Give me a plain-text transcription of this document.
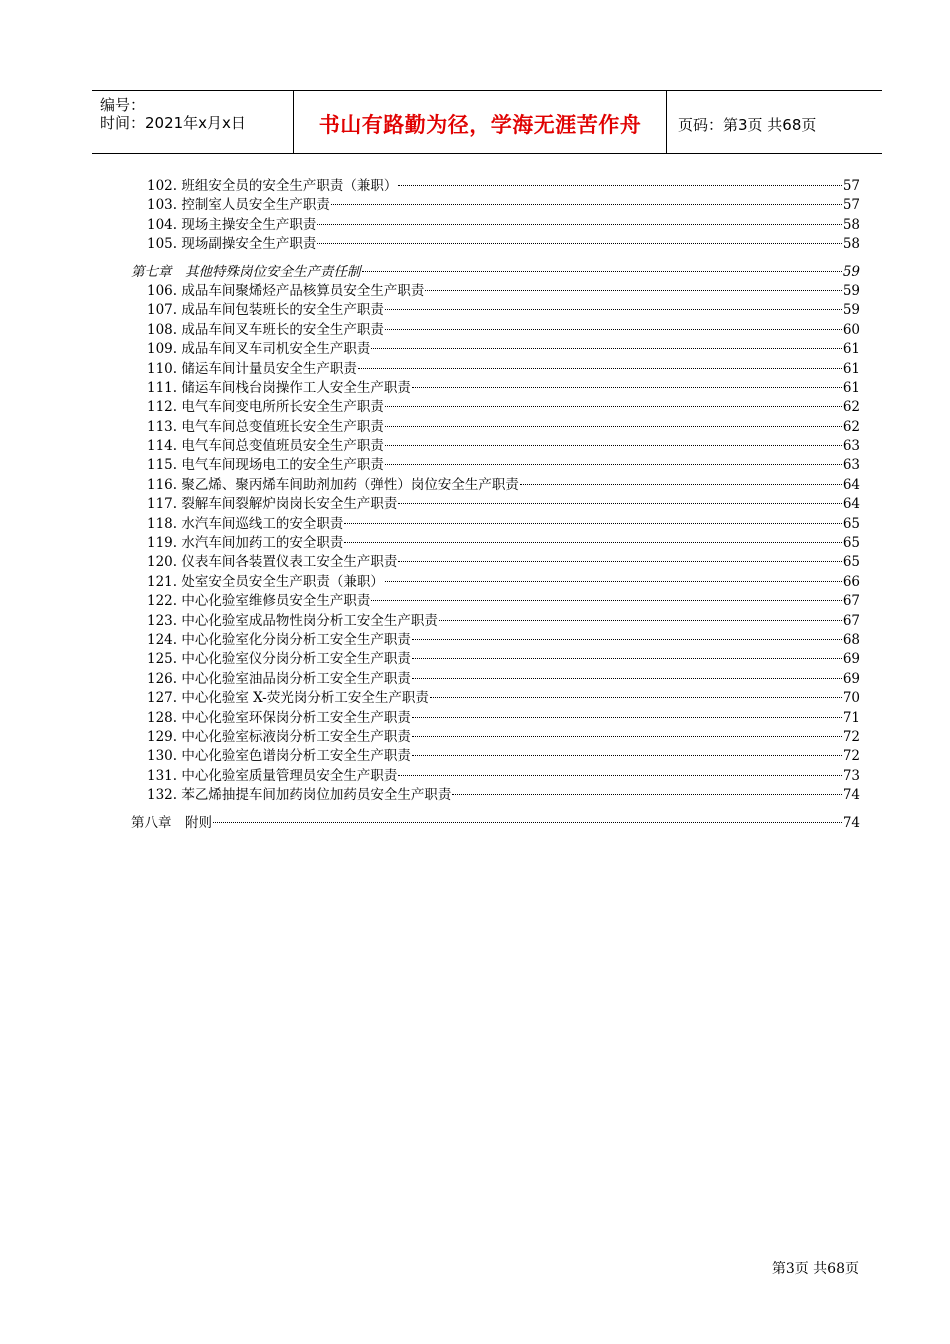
编号：
时间：2021年x月x日	书山有路勤为径，学海无涯苦作舟	页码：第3页 共68页
102. 班组安全员的安全生产职责（兼职）	57
103. 控制室人员安全生产职责	57
104. 现场主操安全生产职责	58
105. 现场副操安全生产职责	58
第七章　其他特殊岗位安全生产责任制	59
106. 成品车间聚烯烃产品核算员安全生产职责	59
107. 成品车间包装班长的安全生产职责	59
108. 成品车间叉车班长的安全生产职责	60
109. 成品车间叉车司机安全生产职责	61
110. 储运车间计量员安全生产职责	61
111. 储运车间栈台岗操作工人安全生产职责	61
112. 电气车间变电所所长安全生产职责	62
113. 电气车间总变值班长安全生产职责	62
114. 电气车间总变值班员安全生产职责	63
115. 电气车间现场电工的安全生产职责	63
116. 聚乙烯、聚丙烯车间助剂加药（弹性）岗位安全生产职责	64
117. 裂解车间裂解炉岗岗长安全生产职责	64
118. 水汽车间巡线工的安全职责	65
119. 水汽车间加药工的安全职责	65
120. 仪表车间各装置仪表工安全生产职责	65
121. 处室安全员安全生产职责（兼职）	66
122. 中心化验室维修员安全生产职责	67
123. 中心化验室成品物性岗分析工安全生产职责	67
124. 中心化验室化分岗分析工安全生产职责	68
125. 中心化验室仪分岗分析工安全生产职责	69
126. 中心化验室油品岗分析工安全生产职责	69
127. 中心化验室 X-荧光岗分析工安全生产职责	70
128. 中心化验室环保岗分析工安全生产职责	71
129. 中心化验室标液岗分析工安全生产职责	72
130. 中心化验室色谱岗分析工安全生产职责	72
131. 中心化验室质量管理员安全生产职责	73
132. 苯乙烯抽提车间加药岗位加药员安全生产职责	74
第八章　附则	74
第3页 共68页
